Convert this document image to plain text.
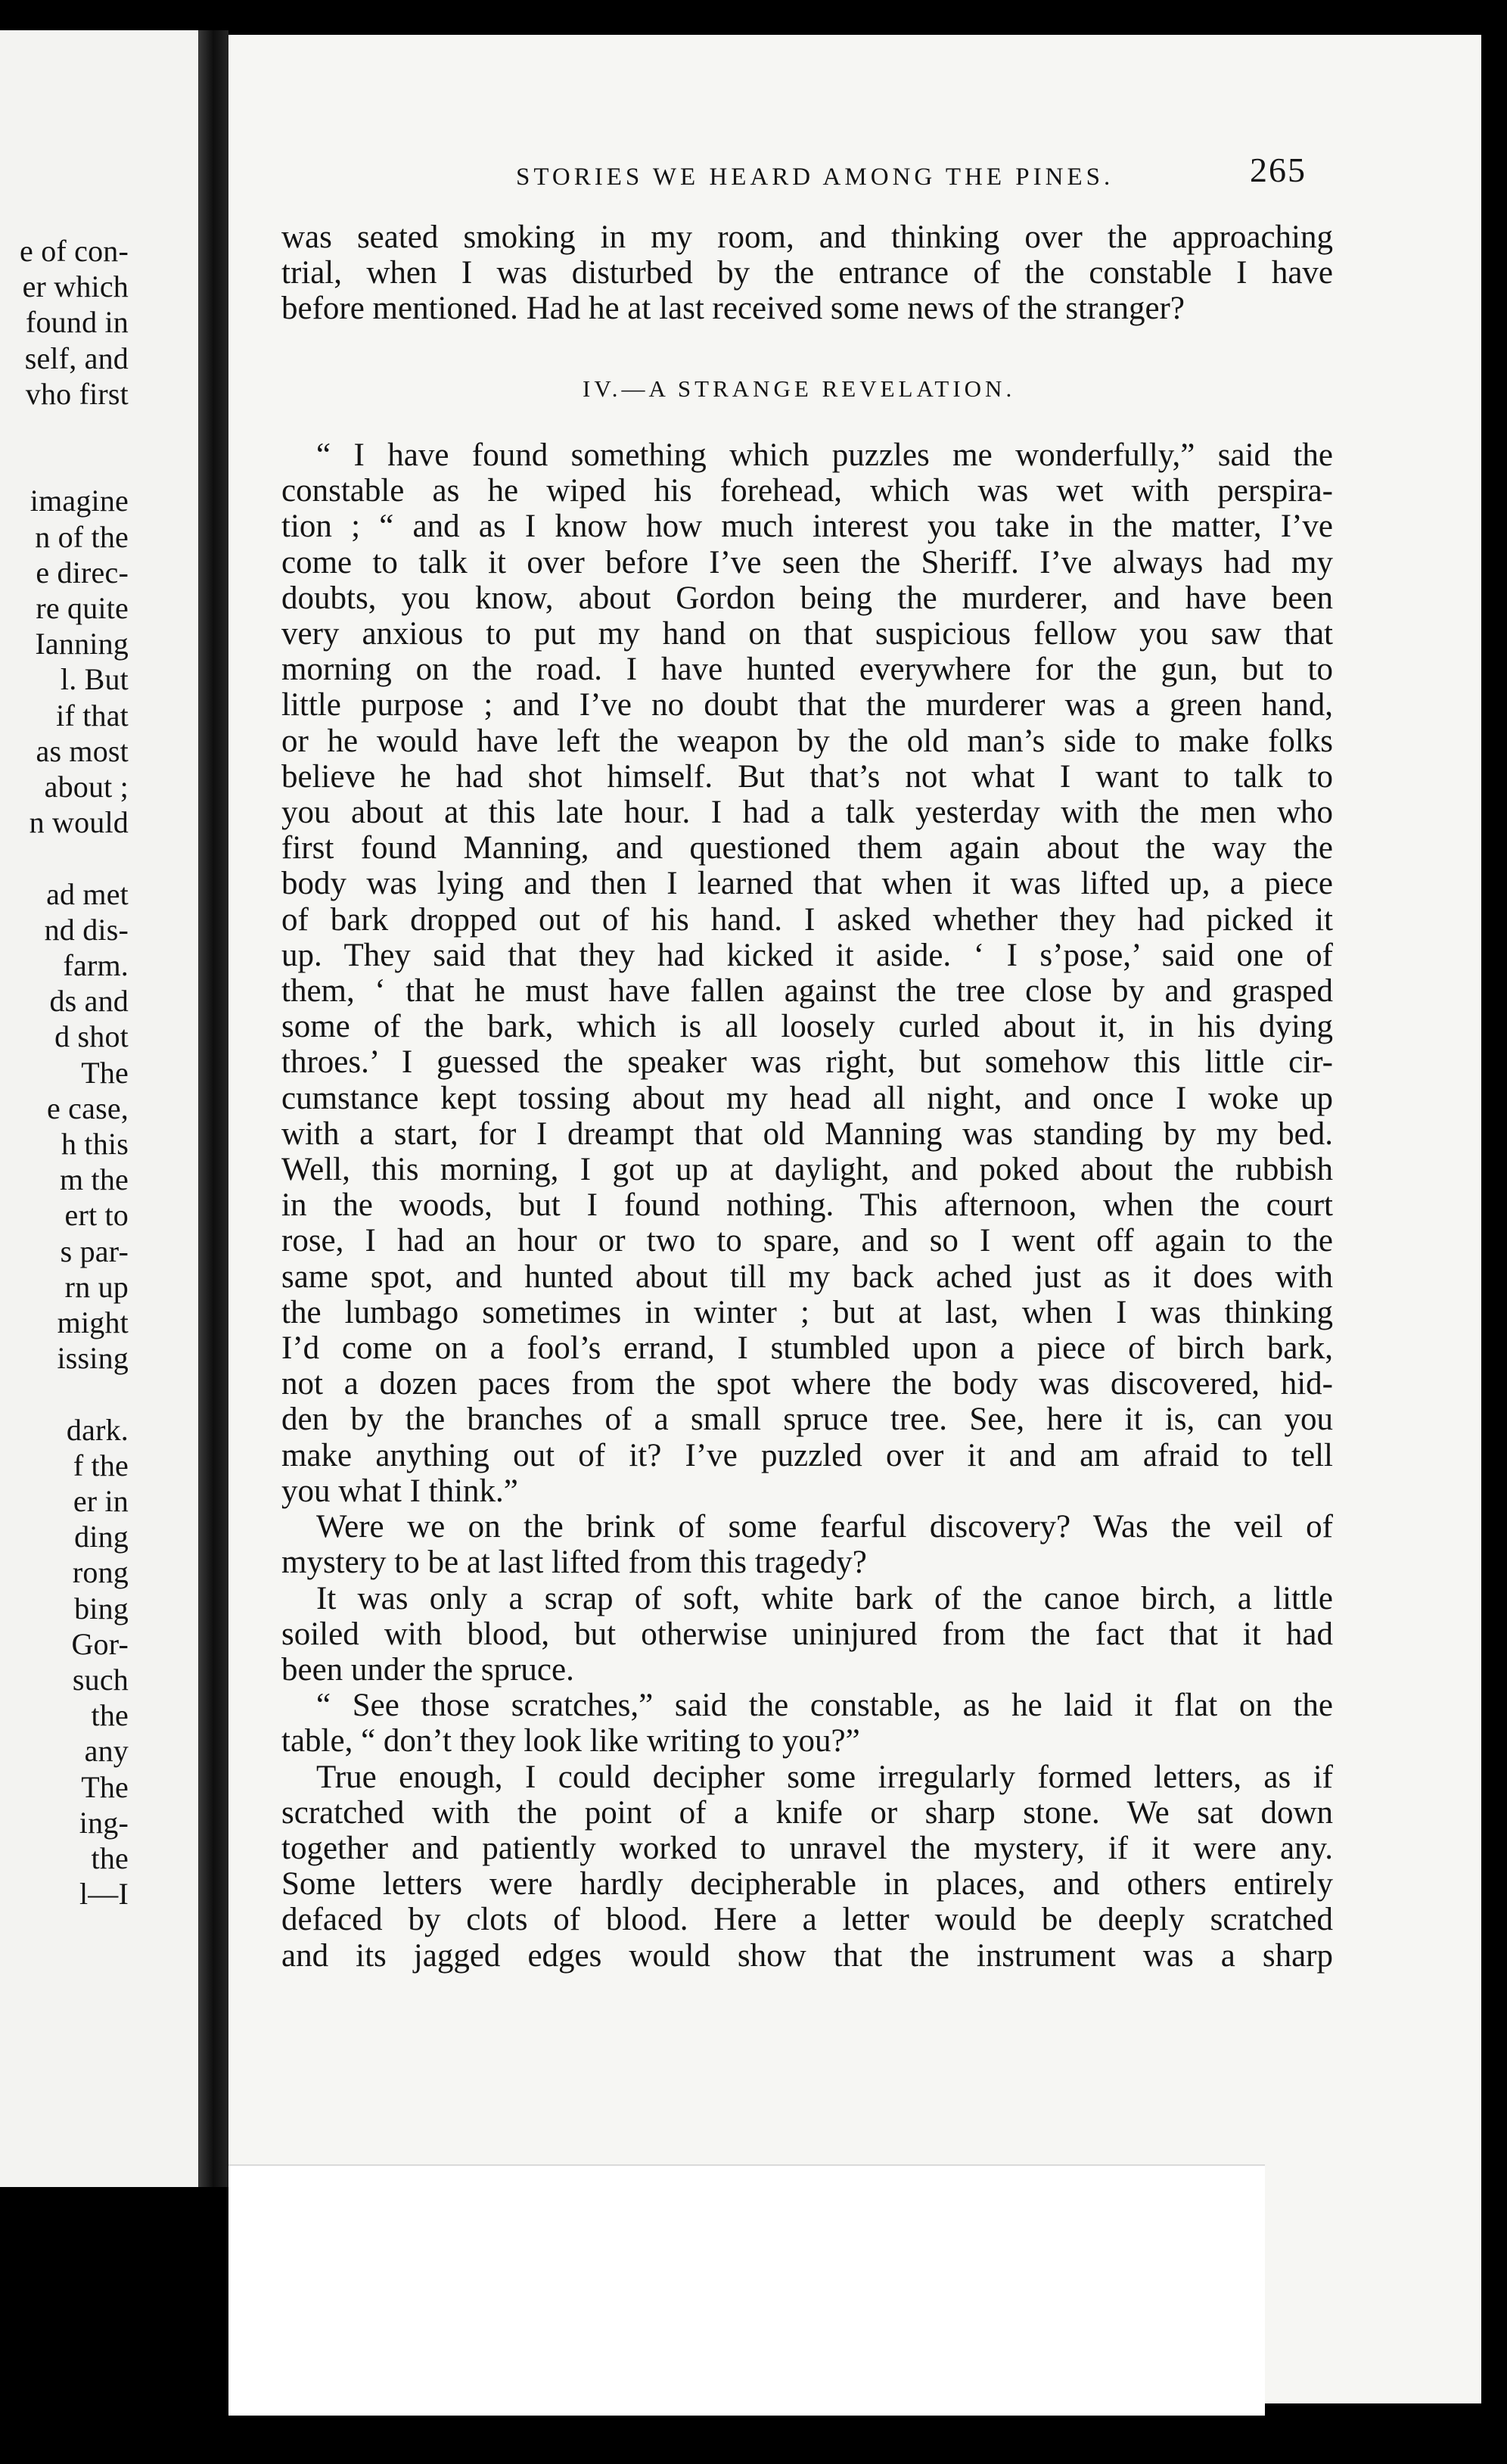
e of con-
er which
found in
self, and
vho first
imagine
n of the
e direc-
re quite
Ianning
l. But
if that
as most
about ;
n would
ad met
nd dis-
farm.
ds and
d shot
The
e case,
h this
m the
ert to
s par-
rn up
might
issing
dark.
f the
er in
ding
rong
bing
Gor-
such
the
any
The
ing-
the
l—I
STORIES WE HEARD AMONG THE PINES.	265
was seated smoking in my room, and thinking over the approaching
trial, when I was disturbed by the entrance of the constable I have
before mentioned. Had he at last received some news of the stranger?
IV.—A STRANGE REVELATION.
“ I have found something which puzzles me wonderfully,” said the
constable as he wiped his forehead, which was wet with perspira-
tion ; “ and as I know how much interest you take in the matter, I’ve
come to talk it over before I’ve seen the Sheriff. I’ve always had my
doubts, you know, about Gordon being the murderer, and have been
very anxious to put my hand on that suspicious fellow you saw that
morning on the road. I have hunted everywhere for the gun, but to
little purpose ; and I’ve no doubt that the murderer was a green hand,
or he would have left the weapon by the old man’s side to make folks
believe he had shot himself. But that’s not what I want to talk to
you about at this late hour. I had a talk yesterday with the men who
first found Manning, and questioned them again about the way the
body was lying and then I learned that when it was lifted up, a piece
of bark dropped out of his hand. I asked whether they had picked it
up. They said that they had kicked it aside. ‘ I s’pose,’ said one of
them, ‘ that he must have fallen against the tree close by and grasped
some of the bark, which is all loosely curled about it, in his dying
throes.’ I guessed the speaker was right, but somehow this little cir-
cumstance kept tossing about my head all night, and once I woke up
with a start, for I dreampt that old Manning was standing by my bed.
Well, this morning, I got up at daylight, and poked about the rubbish
in the woods, but I found nothing. This afternoon, when the court
rose, I had an hour or two to spare, and so I went off again to the
same spot, and hunted about till my back ached just as it does with
the lumbago sometimes in winter ; but at last, when I was thinking
I’d come on a fool’s errand, I stumbled upon a piece of birch bark,
not a dozen paces from the spot where the body was discovered, hid-
den by the branches of a small spruce tree. See, here it is, can you
make anything out of it? I’ve puzzled over it and am afraid to tell
you what I think.”
Were we on the brink of some fearful discovery? Was the veil of
mystery to be at last lifted from this tragedy?
It was only a scrap of soft, white bark of the canoe birch, a little
soiled with blood, but otherwise uninjured from the fact that it had
been under the spruce.
“ See those scratches,” said the constable, as he laid it flat on the
table, “ don’t they look like writing to you?”
True enough, I could decipher some irregularly formed letters, as if
scratched with the point of a knife or sharp stone. We sat down
together and patiently worked to unravel the mystery, if it were any.
Some letters were hardly decipherable in places, and others entirely
defaced by clots of blood. Here a letter would be deeply scratched
and its jagged edges would show that the instrument was a sharp
